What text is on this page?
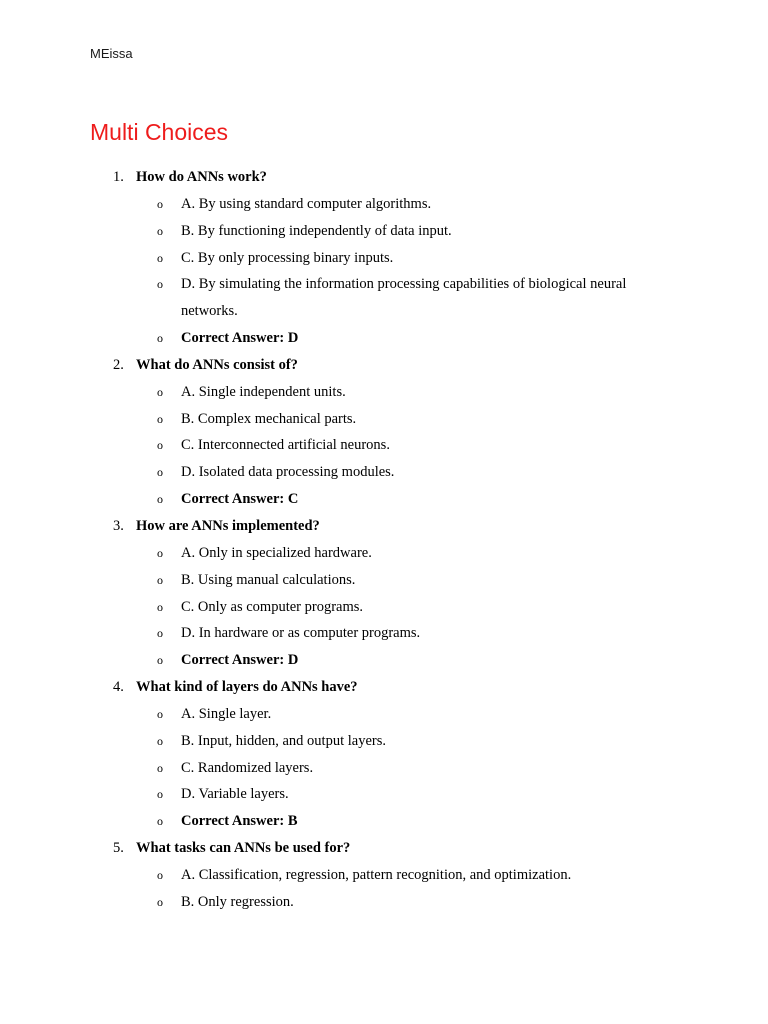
MEissa
Multi Choices
1. How do ANNs work?
o A. By using standard computer algorithms.
o B. By functioning independently of data input.
o C. By only processing binary inputs.
o D. By simulating the information processing capabilities of biological neural networks.
o Correct Answer: D
2. What do ANNs consist of?
o A. Single independent units.
o B. Complex mechanical parts.
o C. Interconnected artificial neurons.
o D. Isolated data processing modules.
o Correct Answer: C
3. How are ANNs implemented?
o A. Only in specialized hardware.
o B. Using manual calculations.
o C. Only as computer programs.
o D. In hardware or as computer programs.
o Correct Answer: D
4. What kind of layers do ANNs have?
o A. Single layer.
o B. Input, hidden, and output layers.
o C. Randomized layers.
o D. Variable layers.
o Correct Answer: B
5. What tasks can ANNs be used for?
o A. Classification, regression, pattern recognition, and optimization.
o B. Only regression.
